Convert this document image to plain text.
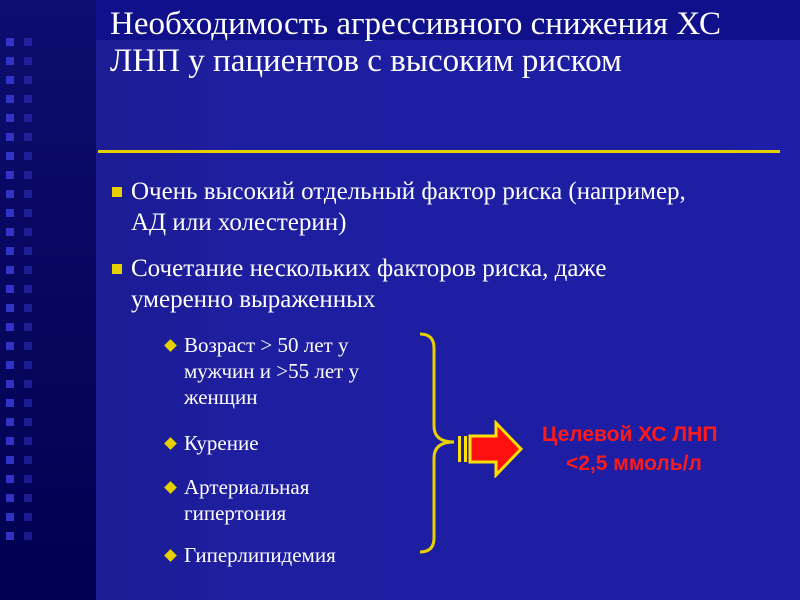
Необходимость агрессивного снижения ХС ЛНП у пациентов с высоким риском
Очень высокий отдельный фактор риска (например, АД или холестерин)
Сочетание нескольких факторов риска, даже умеренно выраженных
Возраст > 50 лет у мужчин и >55 лет у женщин
Курение
Артериальная гипертония
Гиперлипидемия
Целевой ХС ЛНП
<2,5 ммоль/л
